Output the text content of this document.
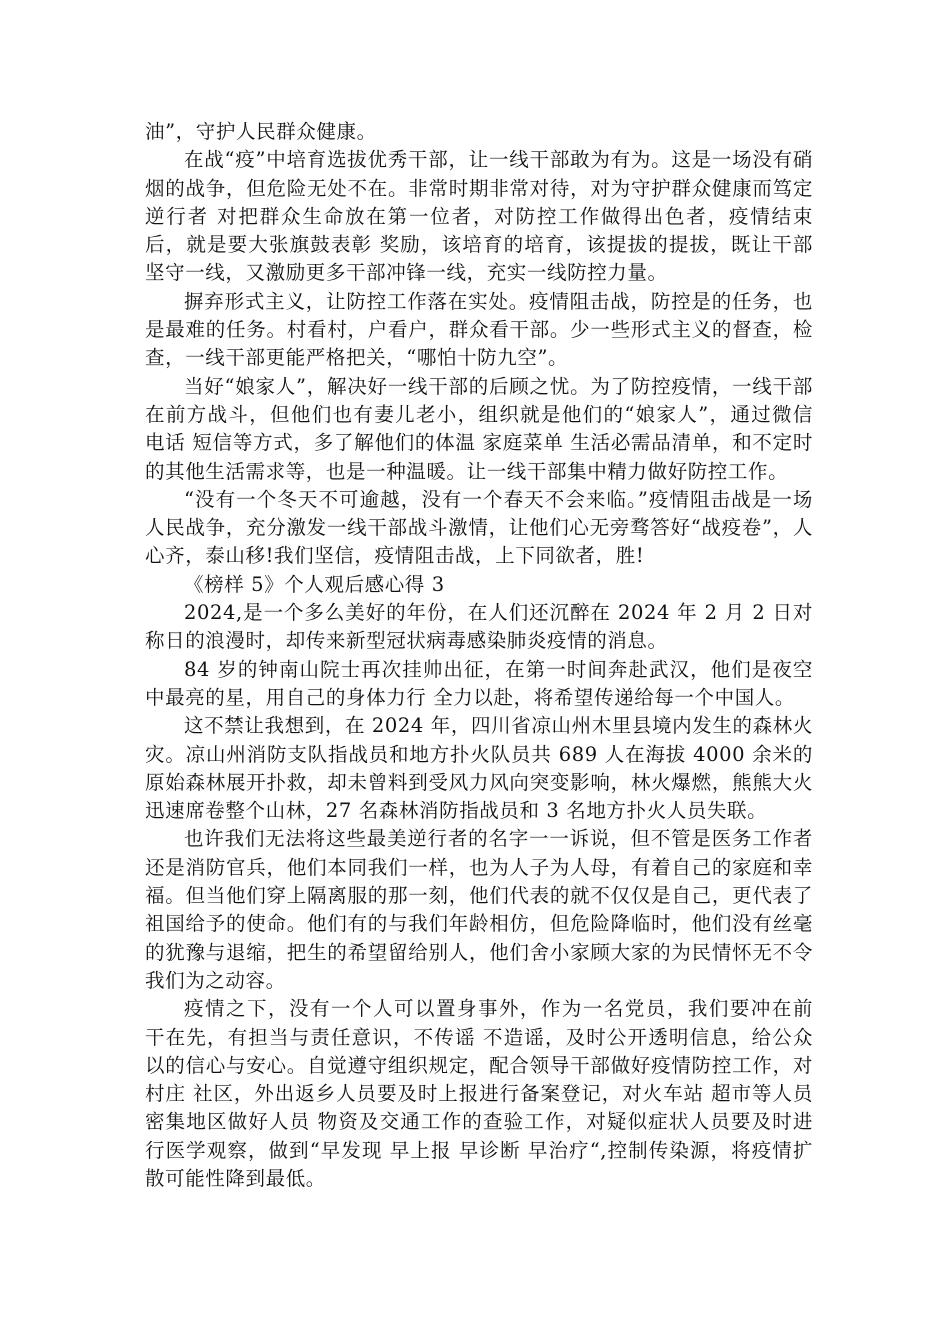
油”，守护人民群众健康。

在战“疫”中培育选拔优秀干部，让一线干部敢为有为。这是一场没有硝烟的战争，但危险无处不在。非常时期非常对待，对为守护群众健康而笃定逆行者 对把群众生命放在第一位者，对防控工作做得出色者，疫情结束后，就是要大张旗鼓表彰 奖励，该培育的培育，该提拔的提拔，既让干部坚守一线，又激励更多干部冲锋一线，充实一线防控力量。

摒弃形式主义，让防控工作落在实处。疫情阻击战，防控是的任务，也是最难的任务。村看村，户看户，群众看干部。少一些形式主义的督查，检查，一线干部更能严格把关，“哪怕十防九空”。

当好“娘家人”，解决好一线干部的后顾之忧。为了防控疫情，一线干部在前方战斗，但他们也有妻儿老小，组织就是他们的“娘家人”，通过微信 电话 短信等方式，多了解他们的体温 家庭菜单 生活必需品清单，和不定时的其他生活需求等，也是一种温暖。让一线干部集中精力做好防控工作。

“没有一个冬天不可逾越，没有一个春天不会来临。”疫情阻击战是一场人民战争，充分激发一线干部战斗激情，让他们心无旁骛答好“战疫卷”，人心齐，泰山移!我们坚信，疫情阻击战，上下同欲者，胜!

《榜样 5》个人观后感心得 3

2024,是一个多么美好的年份，在人们还沉醉在 2024 年 2 月 2 日对称日的浪漫时，却传来新型冠状病毒感染肺炎疫情的消息。

84 岁的钟南山院士再次挂帅出征，在第一时间奔赴武汉，他们是夜空中最亮的星，用自己的身体力行 全力以赴，将希望传递给每一个中国人。

这不禁让我想到，在 2024 年，四川省凉山州木里县境内发生的森林火灾。凉山州消防支队指战员和地方扑火队员共 689 人在海拔 4000 余米的原始森林展开扑救，却未曾料到受风力风向突变影响，林火爆燃，熊熊大火迅速席卷整个山林，27 名森林消防指战员和 3 名地方扑火人员失联。

也许我们无法将这些最美逆行者的名字一一诉说，但不管是医务工作者还是消防官兵，他们本同我们一样，也为人子为人母，有着自己的家庭和幸福。但当他们穿上隔离服的那一刻，他们代表的就不仅仅是自己，更代表了祖国给予的使命。他们有的与我们年龄相仿，但危险降临时，他们没有丝毫的犹豫与退缩，把生的希望留给别人，他们舍小家顾大家的为民情怀无不令我们为之动容。

疫情之下，没有一个人可以置身事外，作为一名党员，我们要冲在前 干在先，有担当与责任意识，不传谣 不造谣，及时公开透明信息，给公众以的信心与安心。自觉遵守组织规定，配合领导干部做好疫情防控工作，对村庄 社区，外出返乡人员要及时上报进行备案登记，对火车站 超市等人员密集地区做好人员 物资及交通工作的查验工作，对疑似症状人员要及时进行医学观察，做到“早发现 早上报 早诊断 早治疗“,控制传染源，将疫情扩散可能性降到最低。
